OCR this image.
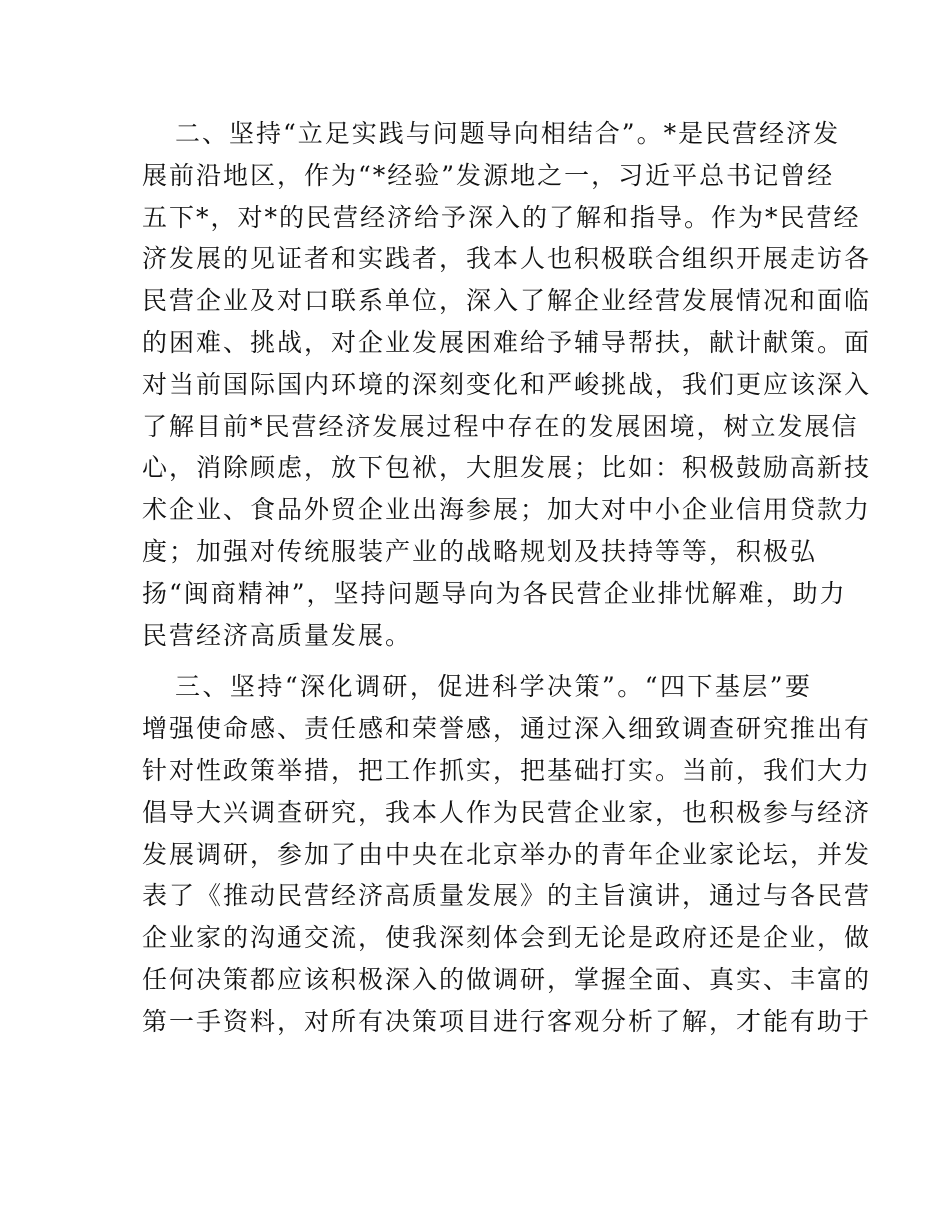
二、坚持“立足实践与问题导向相结合”。*是民营经济发
展前沿地区，作为“*经验”发源地之一，习近平总书记曾经
五下*，对*的民营经济给予深入的了解和指导。作为*民营经
济发展的见证者和实践者，我本人也积极联合组织开展走访各
民营企业及对口联系单位，深入了解企业经营发展情况和面临
的困难、挑战，对企业发展困难给予辅导帮扶，献计献策。面
对当前国际国内环境的深刻变化和严峻挑战，我们更应该深入
了解目前*民营经济发展过程中存在的发展困境，树立发展信
心，消除顾虑，放下包袱，大胆发展；比如：积极鼓励高新技
术企业、食品外贸企业出海参展；加大对中小企业信用贷款力
度；加强对传统服装产业的战略规划及扶持等等，积极弘
扬“闽商精神”，坚持问题导向为各民营企业排忧解难，助力
民营经济高质量发展。

三、坚持“深化调研，促进科学决策”。“四下基层”要
增强使命感、责任感和荣誉感，通过深入细致调查研究推出有
针对性政策举措，把工作抓实，把基础打实。当前，我们大力
倡导大兴调查研究，我本人作为民营企业家，也积极参与经济
发展调研，参加了由中央在北京举办的青年企业家论坛，并发
表了《推动民营经济高质量发展》的主旨演讲，通过与各民营
企业家的沟通交流，使我深刻体会到无论是政府还是企业，做
任何决策都应该积极深入的做调研，掌握全面、真实、丰富的
第一手资料，对所有决策项目进行客观分析了解，才能有助于
